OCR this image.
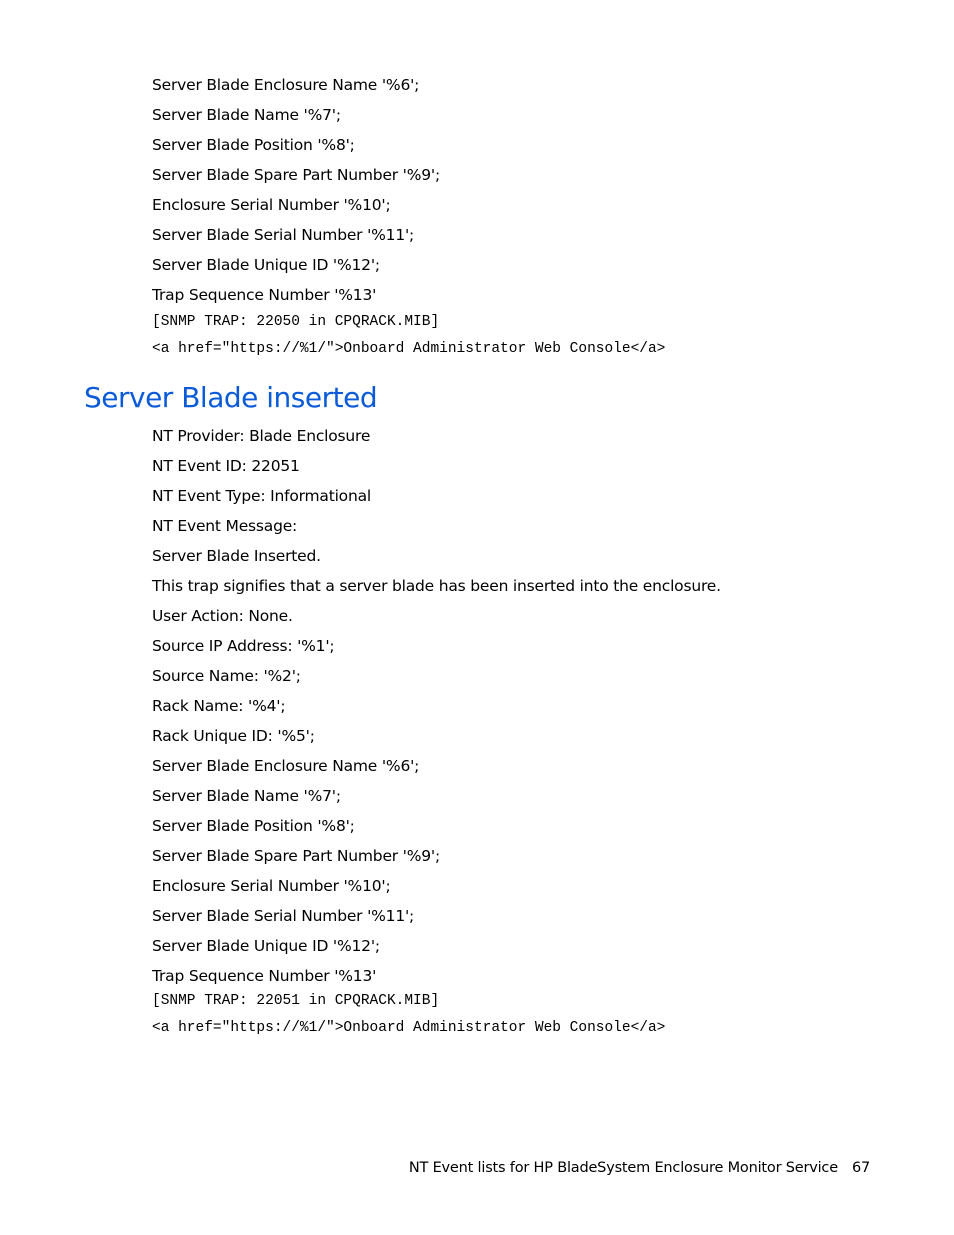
Server Blade Enclosure Name '%6';
Server Blade Name '%7';
Server Blade Position '%8';
Server Blade Spare Part Number '%9';
Enclosure Serial Number '%10';
Server Blade Serial Number '%11';
Server Blade Unique ID '%12';
Trap Sequence Number '%13'
[SNMP TRAP: 22050 in CPQRACK.MIB]
<a href="https://%1/">Onboard Administrator Web Console</a>
Server Blade inserted
NT Provider: Blade Enclosure
NT Event ID: 22051
NT Event Type: Informational
NT Event Message:
Server Blade Inserted.
This trap signifies that a server blade has been inserted into the enclosure.
User Action: None.
Source IP Address: '%1';
Source Name: '%2';
Rack Name: '%4';
Rack Unique ID: '%5';
Server Blade Enclosure Name '%6';
Server Blade Name '%7';
Server Blade Position '%8';
Server Blade Spare Part Number '%9';
Enclosure Serial Number '%10';
Server Blade Serial Number '%11';
Server Blade Unique ID '%12';
Trap Sequence Number '%13'
[SNMP TRAP: 22051 in CPQRACK.MIB]
<a href="https://%1/">Onboard Administrator Web Console</a>
NT Event lists for HP BladeSystem Enclosure Monitor Service 67
